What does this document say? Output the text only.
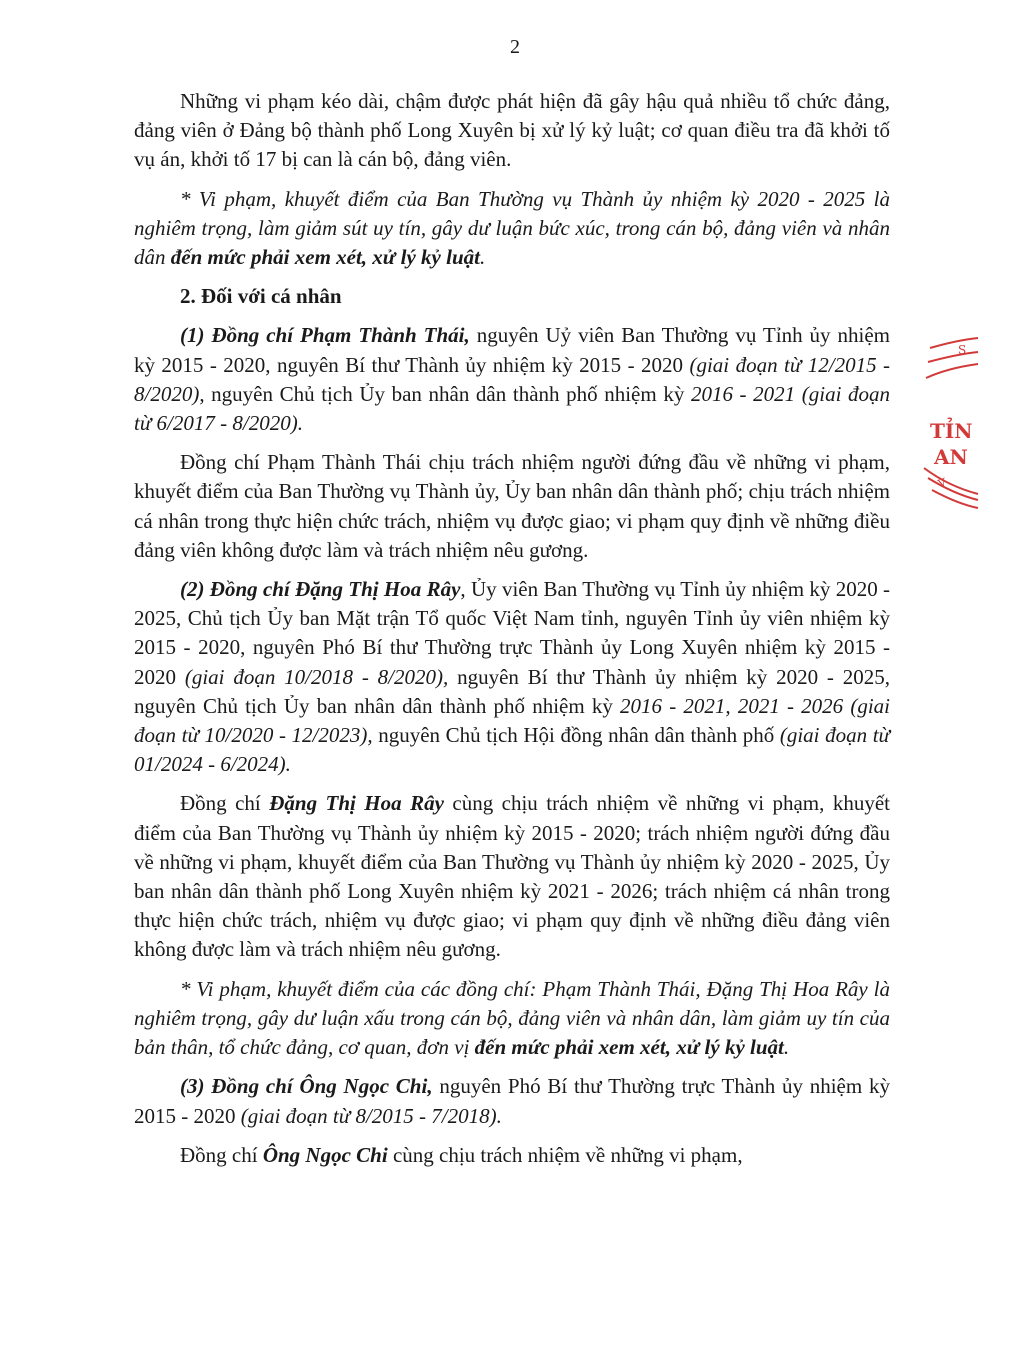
2

Những vi phạm kéo dài, chậm được phát hiện đã gây hậu quả nhiều tổ chức đảng, đảng viên ở Đảng bộ thành phố Long Xuyên bị xử lý kỷ luật; cơ quan điều tra đã khởi tố vụ án, khởi tố 17 bị can là cán bộ, đảng viên.

* Vi phạm, khuyết điểm của Ban Thường vụ Thành ủy nhiệm kỳ 2020 - 2025 là nghiêm trọng, làm giảm sút uy tín, gây dư luận bức xúc, trong cán bộ, đảng viên và nhân dân đến mức phải xem xét, xử lý kỷ luật.

2. Đối với cá nhân

(1) Đồng chí Phạm Thành Thái, nguyên Uỷ viên Ban Thường vụ Tỉnh ủy nhiệm kỳ 2015 - 2020, nguyên Bí thư Thành ủy nhiệm kỳ 2015 - 2020 (giai đoạn từ 12/2015 - 8/2020), nguyên Chủ tịch Ủy ban nhân dân thành phố nhiệm kỳ 2016 - 2021 (giai đoạn từ 6/2017 - 8/2020).

Đồng chí Phạm Thành Thái chịu trách nhiệm người đứng đầu về những vi phạm, khuyết điểm của Ban Thường vụ Thành ủy, Ủy ban nhân dân thành phố; chịu trách nhiệm cá nhân trong thực hiện chức trách, nhiệm vụ được giao; vi phạm quy định về những điều đảng viên không được làm và trách nhiệm nêu gương.

(2) Đồng chí Đặng Thị Hoa Rây, Ủy viên Ban Thường vụ Tỉnh ủy nhiệm kỳ 2020 - 2025, Chủ tịch Ủy ban Mặt trận Tổ quốc Việt Nam tỉnh, nguyên Tỉnh ủy viên nhiệm kỳ 2015 - 2020, nguyên Phó Bí thư Thường trực Thành ủy Long Xuyên nhiệm kỳ 2015 - 2020 (giai đoạn 10/2018 - 8/2020), nguyên Bí thư Thành ủy nhiệm kỳ 2020 - 2025, nguyên Chủ tịch Ủy ban nhân dân thành phố nhiệm kỳ 2016 - 2021, 2021 - 2026 (giai đoạn từ 10/2020 - 12/2023), nguyên Chủ tịch Hội đồng nhân dân thành phố (giai đoạn từ 01/2024 - 6/2024).

Đồng chí Đặng Thị Hoa Rây cùng chịu trách nhiệm về những vi phạm, khuyết điểm của Ban Thường vụ Thành ủy nhiệm kỳ 2015 - 2020; trách nhiệm người đứng đầu về những vi phạm, khuyết điểm của Ban Thường vụ Thành ủy nhiệm kỳ 2020 - 2025, Ủy ban nhân dân thành phố Long Xuyên nhiệm kỳ 2021 - 2026; trách nhiệm cá nhân trong thực hiện chức trách, nhiệm vụ được giao; vi phạm quy định về những điều đảng viên không được làm và trách nhiệm nêu gương.

* Vi phạm, khuyết điểm của các đồng chí: Phạm Thành Thái, Đặng Thị Hoa Rây là nghiêm trọng, gây dư luận xấu trong cán bộ, đảng viên và nhân dân, làm giảm uy tín của bản thân, tổ chức đảng, cơ quan, đơn vị đến mức phải xem xét, xử lý kỷ luật.

(3) Đồng chí Ông Ngọc Chi, nguyên Phó Bí thư Thường trực Thành ủy nhiệm kỳ 2015 - 2020 (giai đoạn từ 8/2015 - 7/2018).

Đồng chí Ông Ngọc Chi cùng chịu trách nhiệm về những vi phạm,

S
TỈN
AN
V
